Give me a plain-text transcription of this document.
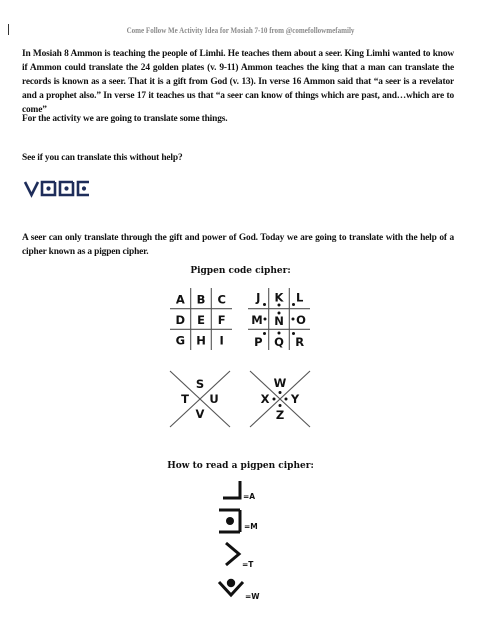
Come Follow Me Activity Idea for Mosiah 7-10 from @comefollowmefamily
In Mosiah 8 Ammon is teaching the people of Limhi. He teaches them about a seer. King Limhi wanted to know if Ammon could translate the 24 golden plates (v. 9-11) Ammon teaches the king that a man can translate the records is known as a seer. That it is a gift from God (v. 13). In verse 16 Ammon said that “a seer is a revelator and a prophet also.” In verse 17 it teaches us that “a seer can know of things which are past, and…which are to come”
For the activity we are going to translate some things.
See if you can translate this without help?
A seer can only translate through the gift and power of God. Today we are going to translate with the help of a cipher known as a pigpen cipher.
Pigpen code cipher:
A B C
D E F
G H I
J K L
M N O
P Q R
S
T U
V
W
X Y
Z
How to read a pigpen cipher:
=A
=M
=T
=W
